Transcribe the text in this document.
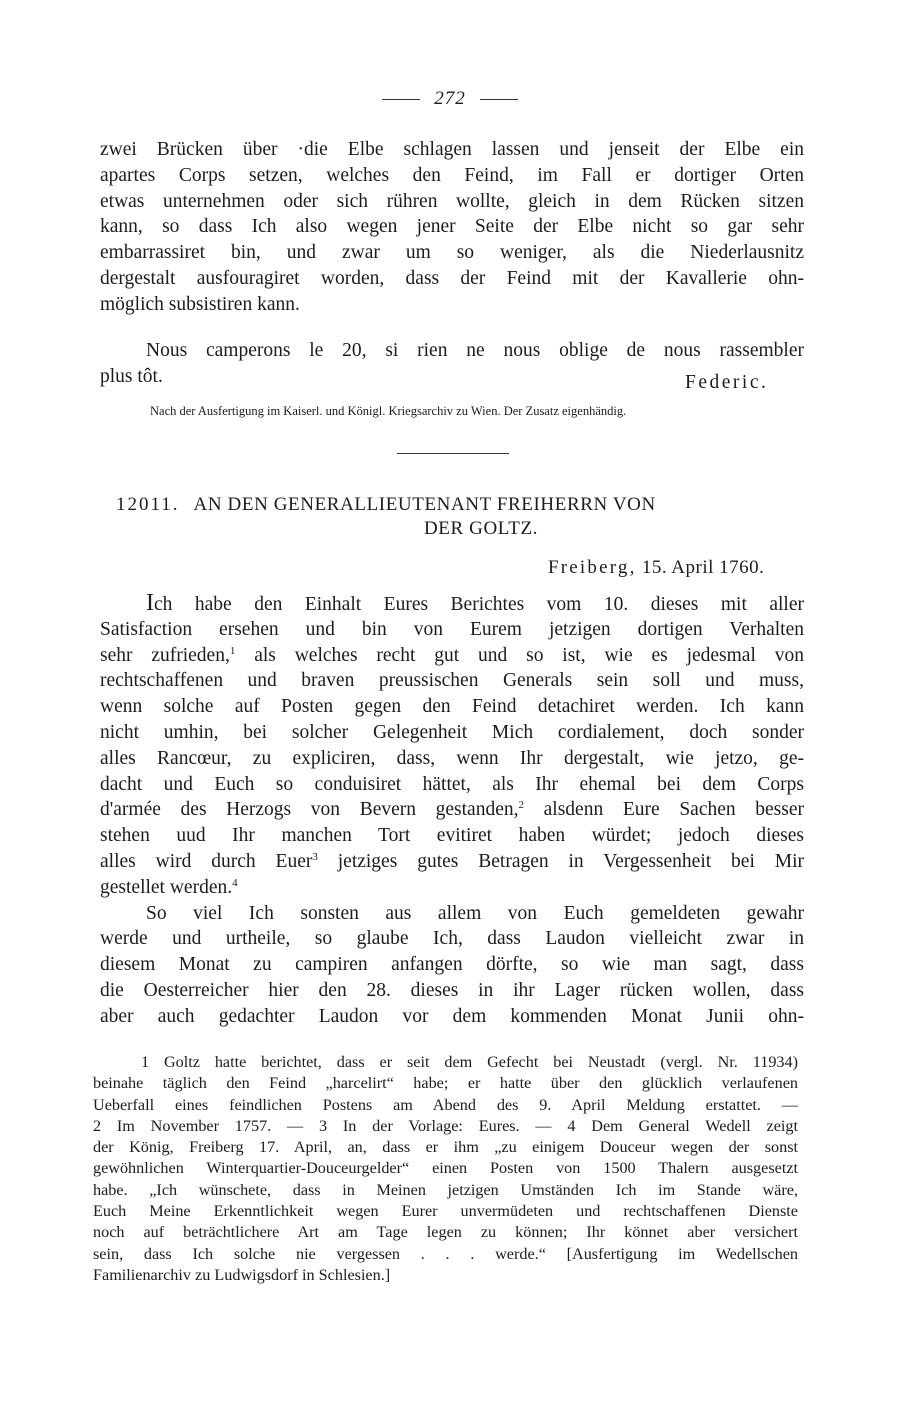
272
zwei Brücken über ·die Elbe schlagen lassen und jenseit der Elbe ein
apartes Corps setzen, welches den Feind, im Fall er dortiger Orten
etwas unternehmen oder sich rühren wollte, gleich in dem Rücken sitzen
kann, so dass Ich also wegen jener Seite der Elbe nicht so gar sehr
embarrassiret bin, und zwar um so weniger, als die Niederlausnitz
dergestalt ausfouragiret worden, dass der Feind mit der Kavallerie ohn-
möglich subsistiren kann.
Nous camperons le 20, si rien ne nous oblige de nous rassembler
plus tôt.	Federic.
Nach der Ausfertigung im Kaiserl. und Königl. Kriegsarchiv zu Wien. Der Zusatz eigenhändig.
12011. AN DEN GENERALLIEUTENANT FREIHERRN VON
DER GOLTZ.
Freiberg, 15. April 1760.
Ich habe den Einhalt Eures Berichtes vom 10. dieses mit aller
Satisfaction ersehen und bin von Eurem jetzigen dortigen Verhalten
sehr zufrieden,$^1$ als welches recht gut und so ist, wie es jedesmal von
rechtschaffenen und braven preussischen Generals sein soll und muss,
wenn solche auf Posten gegen den Feind detachiret werden. Ich kann
nicht umhin, bei solcher Gelegenheit Mich cordialement, doch sonder
alles Rancœur, zu expliciren, dass, wenn Ihr dergestalt, wie jetzo, ge-
dacht und Euch so conduisiret hättet, als Ihr ehemal bei dem Corps
d'armée des Herzogs von Bevern gestanden,$^2$ alsdenn Eure Sachen besser
stehen uud Ihr manchen Tort evitiret haben würdet; jedoch dieses
alles wird durch Euer$^3$ jetziges gutes Betragen in Vergessenheit bei Mir
gestellet werden.$^4$
So viel Ich sonsten aus allem von Euch gemeldeten gewahr
werde und urtheile, so glaube Ich, dass Laudon vielleicht zwar in
diesem Monat zu campiren anfangen dörfte, so wie man sagt, dass
die Oesterreicher hier den 28. dieses in ihr Lager rücken wollen, dass
aber auch gedachter Laudon vor dem kommenden Monat Junii ohn-
1 Goltz hatte berichtet, dass er seit dem Gefecht bei Neustadt (vergl. Nr. 11934)
beinahe täglich den Feind „harcelirt“ habe; er hatte über den glücklich verlaufenen
Ueberfall eines feindlichen Postens am Abend des 9. April Meldung erstattet. —
2 Im November 1757. — 3 In der Vorlage: Eures. — 4 Dem General Wedell zeigt
der König, Freiberg 17. April, an, dass er ihm „zu einigem Douceur wegen der sonst
gewöhnlichen Winterquartier-Douceurgelder“ einen Posten von 1500 Thalern ausgesetzt
habe. „Ich wünschete, dass in Meinen jetzigen Umständen Ich im Stande wäre,
Euch Meine Erkenntlichkeit wegen Eurer unvermüdeten und rechtschaffenen Dienste
noch auf beträchtlichere Art am Tage legen zu können; Ihr könnet aber versichert
sein, dass Ich solche nie vergessen . . . werde.“ [Ausfertigung im Wedellschen
Familienarchiv zu Ludwigsdorf in Schlesien.]
